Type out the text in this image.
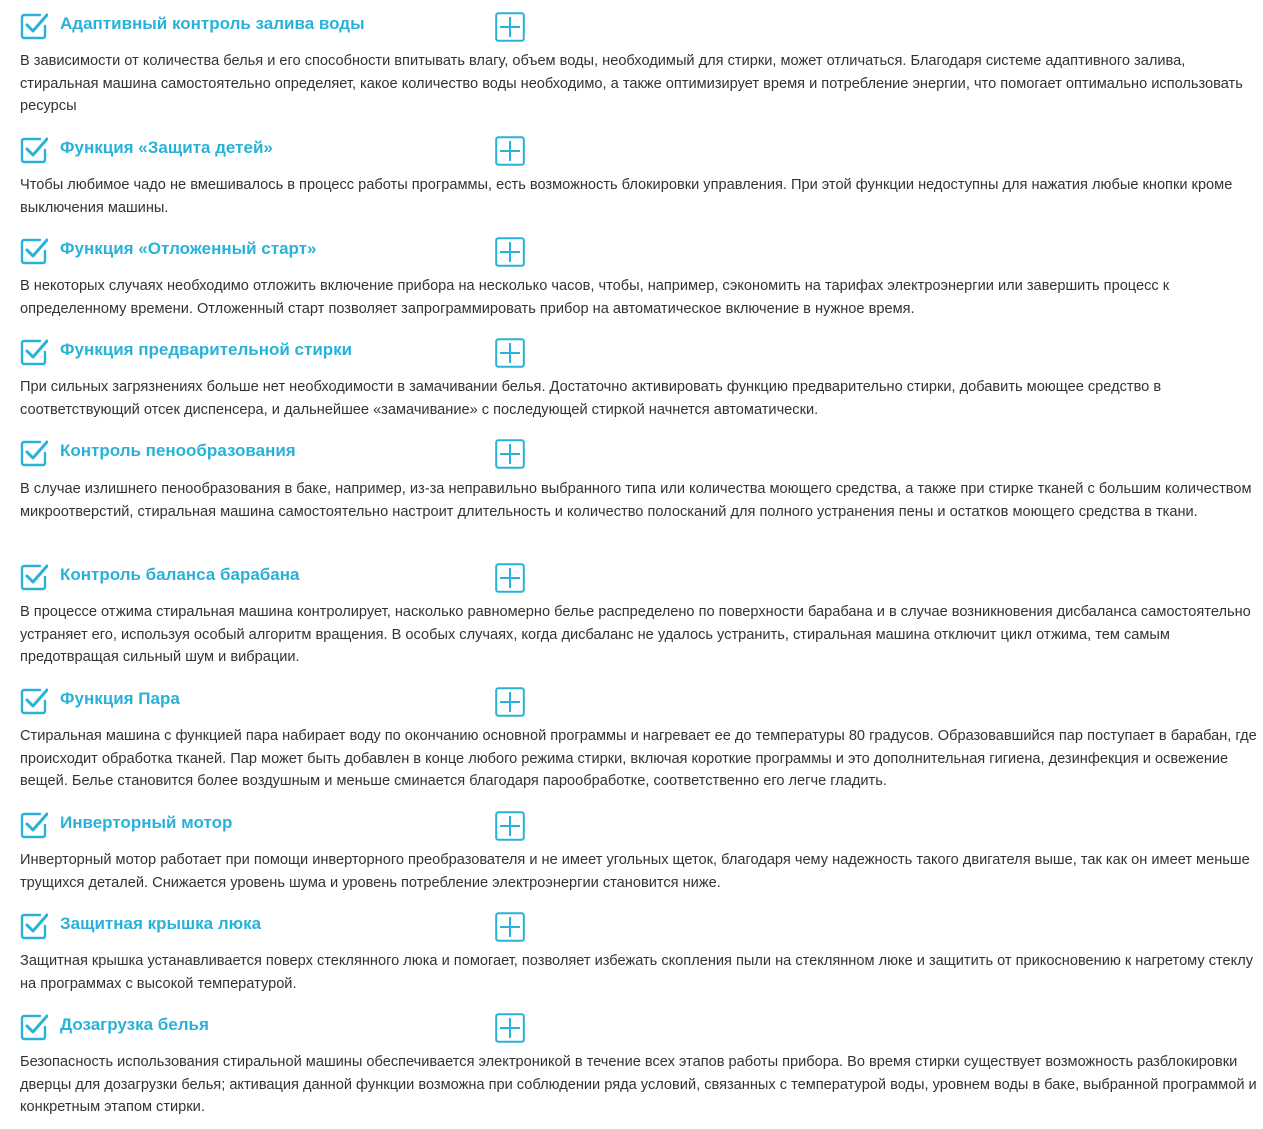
Адаптивный контроль залива воды

В зависимости от количества белья и его способности впитывать влагу, объем воды, необходимый для стирки, может отличаться. Благодаря системе адаптивного залива, стиральная машина самостоятельно определяет, какое количество воды необходимо, а также оптимизирует время и потребление энергии, что помогает оптимально использовать ресурсы

Функция «Защита детей»

Чтобы любимое чадо не вмешивалось в процесс работы программы, есть возможность блокировки управления. При этой функции недоступны для нажатия любые кнопки кроме выключения машины.

Функция «Отложенный старт»

В некоторых случаях необходимо отложить включение прибора на несколько часов, чтобы, например, сэкономить на тарифах электроэнергии или завершить процесс к определенному времени. Отложенный старт позволяет запрограммировать прибор на автоматическое включение в нужное время.

Функция предварительной стирки

При сильных загрязнениях больше нет необходимости в замачивании белья. Достаточно активировать функцию предварительно стирки, добавить моющее средство в соответствующий отсек диспенсера, и дальнейшее «замачивание» с последующей стиркой начнется автоматически.

Контроль пенообразования

В случае излишнего пенообразования в баке, например, из-за неправильно выбранного типа или количества моющего средства, а также при стирке тканей с большим количеством микроотверстий, стиральная машина самостоятельно настроит длительность и количество полосканий для полного устранения пены и остатков моющего средства в ткани.

Контроль баланса барабана

В процессе отжима стиральная машина контролирует, насколько равномерно белье распределено по поверхности барабана и в случае возникновения дисбаланса самостоятельно устраняет его, используя особый алгоритм вращения. В особых случаях, когда дисбаланс не удалось устранить, стиральная машина отключит цикл отжима, тем самым предотвращая сильный шум и вибрации.

Функция Пара

Стиральная машина с функцией пара набирает воду по окончанию основной программы и нагревает ее до температуры 80 градусов. Образовавшийся пар поступает в барабан, где происходит обработка тканей. Пар может быть добавлен в конце любого режима стирки, включая короткие программы и это дополнительная гигиена, дезинфекция и освежение вещей. Белье становится более воздушным и меньше сминается благодаря парообработке, соответственно его легче гладить.

Инверторный мотор

Инверторный мотор работает при помощи инверторного преобразователя и не имеет угольных щеток, благодаря чему надежность такого двигателя выше, так как он имеет меньше трущихся деталей. Снижается уровень шума и уровень потребление электроэнергии становится ниже.

Защитная крышка люка

Защитная крышка устанавливается поверх стеклянного люка и помогает, позволяет избежать скопления пыли на стеклянном люке и защитить от прикосновению к нагретому стеклу на программах с высокой температурой.

Дозагрузка белья

Безопасность использования стиральной машины обеспечивается электроникой в течение всех этапов работы прибора. Во время стирки существует возможность разблокировки дверцы для дозагрузки белья; активация данной функции возможна при соблюдении ряда условий, связанных с температурой воды, уровнем воды в баке, выбранной программой и конкретным этапом стирки.
